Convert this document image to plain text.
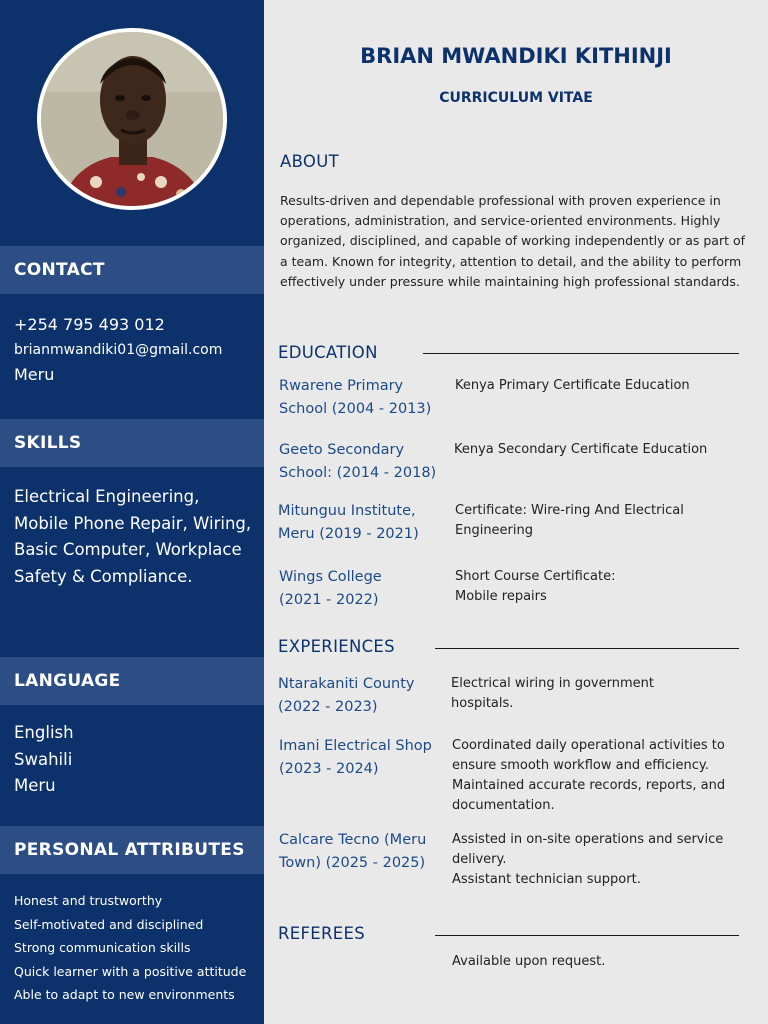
CONTACT
+254 795 493 012
brianmwandiki01@gmail.com
Meru
SKILLS
Electrical Engineering, Mobile Phone Repair, Wiring, Basic Computer, Workplace Safety & Compliance.
LANGUAGE
English
Swahili
Meru
PERSONAL ATTRIBUTES
Honest and trustworthy
Self-motivated and disciplined
Strong communication skills
Quick learner with a positive attitude
Able to adapt to new environments
BRIAN MWANDIKI KITHINJI
CURRICULUM VITAE
ABOUT
Results-driven and dependable professional with proven experience in operations, administration, and service-oriented environments. Highly organized, disciplined, and capable of working independently or as part of a team. Known for integrity, attention to detail, and the ability to perform effectively under pressure while maintaining high professional standards.
EDUCATION
Rwarene Primary School (2004 - 2013)
Kenya Primary Certificate Education
Geeto Secondary School: (2014 - 2018)
Kenya Secondary Certificate Education
Mitunguu Institute, Meru (2019 - 2021)
Certificate: Wire-ring And Electrical Engineering
Wings College (2021 - 2022)
Short Course Certificate: Mobile repairs
EXPERIENCES
Ntarakaniti County (2022 - 2023)
Electrical wiring in government hospitals.
Imani Electrical Shop (2023 - 2024)
Coordinated daily operational activities to ensure smooth workflow and efficiency. Maintained accurate records, reports, and documentation.
Calcare Tecno (Meru Town) (2025 - 2025)
Assisted in on-site operations and service delivery.
Assistant technician support.
REFEREES
Available upon request.
